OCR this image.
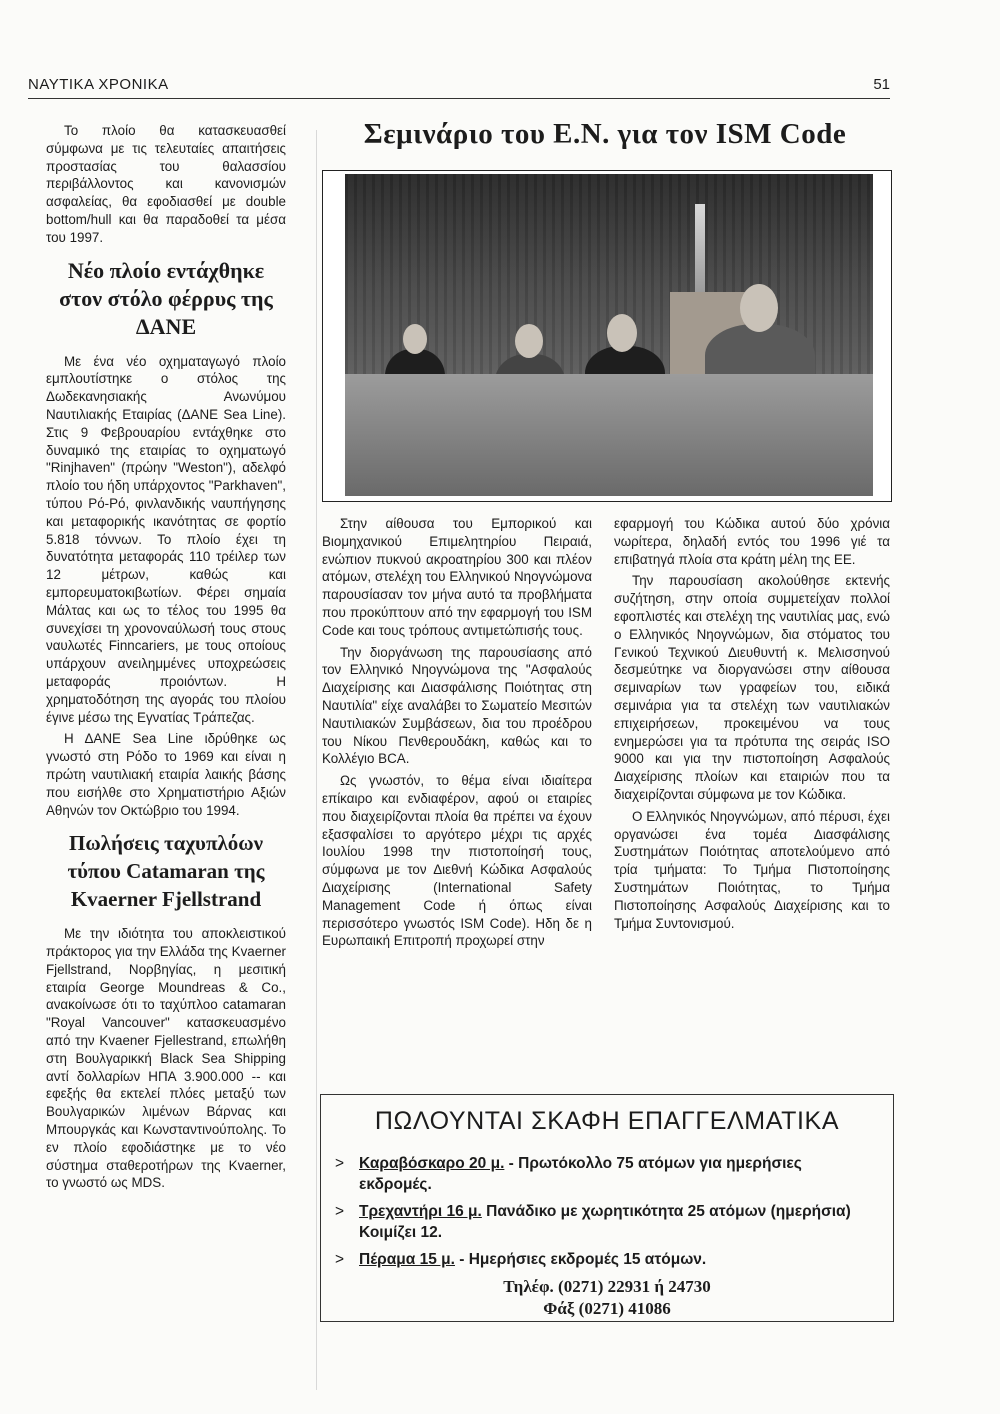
ΝΑΥΤΙΚΑ ΧΡΟΝΙΚΑ	51

Το πλοίο θα κατασκευασθεί σύμφωνα με τις τελευταίες απαιτήσεις προστασίας του θαλασσίου περιβάλλοντος και κανονισμών ασφαλείας, θα εφοδιασθεί με double bottom/hull και θα παραδοθεί τα μέσα του 1997.

Νέο πλοίο εντάχθηκε στον στόλο φέρρυς της ΔΑΝΕ

Με ένα νέο οχηματαγωγό πλοίο εμπλουτίστηκε ο στόλος της Δωδεκανησιακής Ανωνύμου Ναυτιλιακής Εταιρίας (ΔΑΝΕ Sea Line). Στις 9 Φεβρουαρίου εντάχθηκε στο δυναμικό της εταιρίας το οχηματωγό "Rinjhaven" (πρώην "Weston"), αδελφό πλοίο του ήδη υπάρχοντος "Parkhaven", τύπου Ρό-Ρό, φινλανδικής ναυπήγησης και μεταφορικής ικανότητας σε φορτίο 5.818 τόννων. Το πλοίο έχει τη δυνατότητα μεταφοράς 110 τρέιλερ των 12 μέτρων, καθώς και εμπορευματοκιβωτίων. Φέρει σημαία Μάλτας και ως το τέλος του 1995 θα συνεχίσει τη χρονοναύλωσή τους στους ναυλωτές Finncariers, με τους οποίους υπάρχουν ανειλημμένες υποχρεώσεις μεταφοράς προιόντων. Η χρηματοδότηση της αγοράς του πλοίου έγινε μέσω της Εγνατίας Τράπεζας.

Η ΔΑΝΕ Sea Line ιδρύθηκε ως γνωστό στη Ρόδο το 1969 και είναι η πρώτη ναυτιλιακή εταιρία λαικής βάσης που εισήλθε στο Χρηματιστήριο Αξιών Αθηνών τον Οκτώβριο του 1994.

Πωλήσεις ταχυπλόων τύπου Catamaran της Kvaerner Fjellstrand

Με την ιδιότητα του αποκλειστικού πράκτορος για την Ελλάδα της Kvaerner Fjellstrand, Νορβηγίας, η μεσιτική εταιρία George Moundreas & Co., ανακοίνωσε ότι το ταχύπλοο catamaran "Royal Vancouver" κατασκευασμένο από την Kvaener Fjellestrand, επωλήθη στη Βουλγαρικκή Black Sea Shipping αντί δολλαρίων ΗΠΑ 3.900.000 -- και εφεξής θα εκτελεί πλόες μεταξύ των Βουλγαρικών λιμένων Βάρνας και Μπουργκάς και Κωνσταντινούπολης. Το εν πλοίο εφοδιάστηκε με το νέο σύστημα σταθεροτήρων της Kvaerner, το γνωστό ως MDS.

Σεμινάριο του Ε.Ν. για τον ISM Code

Στην αίθουσα του Εμπορικού και Βιομηχανικού Επιμελητηρίου Πειραιά, ενώπιον πυκνού ακροατηρίου 300 και πλέον ατόμων, στελέχη του Ελληνικού Νηογνώμονα παρουσίασαν τον μήνα αυτό τα προβλήματα που προκύπτουν από την εφαρμογή του ISM Code και τους τρόπους αντιμετώπισής τους.

Την διοργάνωση της παρουσίασης από τον Ελληνικό Νηογνώμονα της "Ασφαλούς Διαχείρισης και Διασφάλισης Ποιότητας στη Ναυτιλία" είχε αναλάβει το Σωματείο Μεσιτών Ναυτιλιακών Συμβάσεων, δια του προέδρου του Νίκου Πενθερουδάκη, καθώς και το Κολλέγιο BCA.

Ως γνωστόν, το θέμα είναι ιδιαίτερα επίκαιρο και ενδιαφέρον, αφού οι εταιρίες που διαχειρίζονται πλοία θα πρέπει να έχουν εξασφαλίσει το αργότερο μέχρι τις αρχές Ιουλίου 1998 την πιστοποίησή τους, σύμφωνα με τον Διεθνή Κώδικα Ασφαλούς Διαχείρισης (International Safety Management Code ή όπως είναι περισσότερο γνωστός ISM Code). Ηδη δε η Ευρωπαική Επιτροπή προχωρεί στην

εφαρμογή του Κώδικα αυτού δύο χρόνια νωρίτερα, δηλαδή εντός του 1996 γιέ τα επιβατηγά πλοία στα κράτη μέλη της ΕΕ.

Την παρουσίαση ακολούθησε εκτενής συζήτηση, στην οποία συμμετείχαν πολλοί εφοπλιστές και στελέχη της ναυτιλίας μας, ενώ ο Ελληνικός Νηογνώμων, δια στόματος του Γενικού Τεχνικού Διευθυντή κ. Μελισσηνού δεσμεύτηκε να διοργανώσει στην αίθουσα σεμιναρίων των γραφείων του, ειδικά σεμινάρια για τα στελέχη των ναυτιλιακών επιχειρήσεων, προκειμένου να τους ενημερώσει για τα πρότυπα της σειράς ISO 9000 και για την πιστοποίηση Ασφαλούς Διαχείρισης πλοίων και εταιριών που τα διαχειρίζονται σύμφωνα με τον Κώδικα.

Ο Ελληνικός Νηογνώμων, από πέρυσι, έχει οργανώσει ένα τομέα Διασφάλισης Συστημάτων Ποιότητας αποτελούμενο από τρία τμήματα: Το Τμήμα Πιστοποίησης Συστημάτων Ποιότητας, το Τμήμα Πιστοποίησης Ασφαλούς Διαχείρισης και το Τμήμα Συντονισμού.

ΠΩΛΟΥΝΤΑΙ ΣΚΑΦΗ ΕΠΑΓΓΕΛΜΑΤΙΚΑ
> Καραβόσκαρο 20 μ. - Πρωτόκολλο 75 ατόμων για ημερήσιες εκδρομές.
> Τρεχαντήρι 16 μ. Πανάδικο με χωρητικότητα 25 ατόμων (ημερήσια) Κοιμίζει 12.
> Πέραμα 15 μ. - Ημερήσιες εκδρομές 15 ατόμων.
Τηλέφ. (0271) 22931 ή 24730
Φάξ (0271) 41086
